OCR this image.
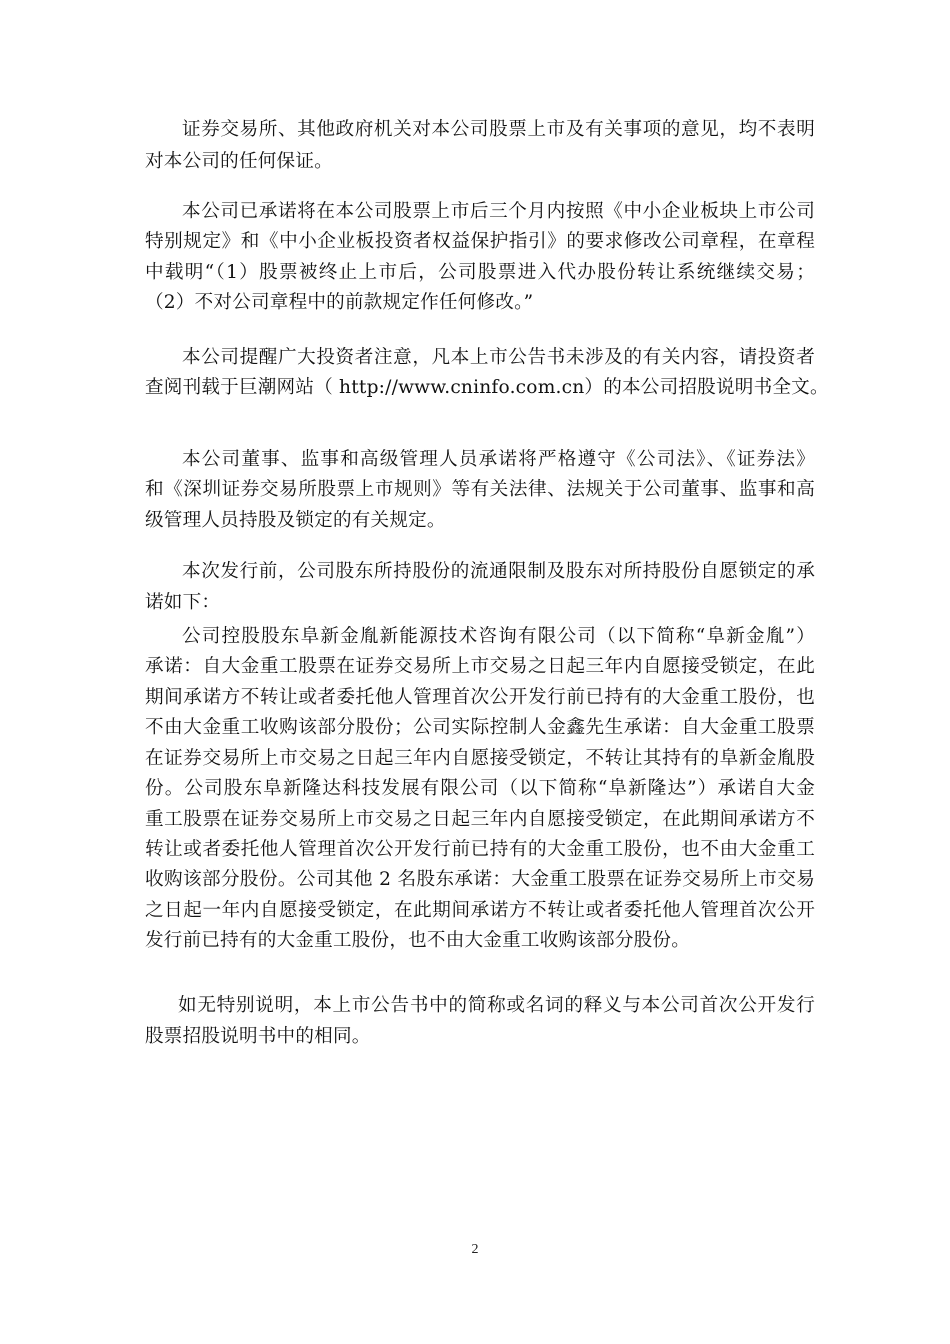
证券交易所、其他政府机关对本公司股票上市及有关事项的意见，均不表明
对本公司的任何保证。
本公司已承诺将在本公司股票上市后三个月内按照《中小企业板块上市公司
特别规定》和《中小企业板投资者权益保护指引》的要求修改公司章程，在章程
中载明“（1）股票被终止上市后，公司股票进入代办股份转让系统继续交易；
（2）不对公司章程中的前款规定作任何修改。”
本公司提醒广大投资者注意，凡本上市公告书未涉及的有关内容，请投资者
查阅刊载于巨潮网站（ http://www.cninfo.com.cn）的本公司招股说明书全文。
本公司董事、监事和高级管理人员承诺将严格遵守《公司法》、《证券法》
和《深圳证券交易所股票上市规则》等有关法律、法规关于公司董事、监事和高
级管理人员持股及锁定的有关规定。
本次发行前，公司股东所持股份的流通限制及股东对所持股份自愿锁定的承
诺如下：
公司控股股东阜新金胤新能源技术咨询有限公司（以下简称“阜新金胤”）
承诺：自大金重工股票在证券交易所上市交易之日起三年内自愿接受锁定，在此
期间承诺方不转让或者委托他人管理首次公开发行前已持有的大金重工股份，也
不由大金重工收购该部分股份；公司实际控制人金鑫先生承诺：自大金重工股票
在证券交易所上市交易之日起三年内自愿接受锁定，不转让其持有的阜新金胤股
份。公司股东阜新隆达科技发展有限公司（以下简称“阜新隆达”）承诺自大金
重工股票在证券交易所上市交易之日起三年内自愿接受锁定，在此期间承诺方不
转让或者委托他人管理首次公开发行前已持有的大金重工股份，也不由大金重工
收购该部分股份。公司其他 2 名股东承诺：大金重工股票在证券交易所上市交易
之日起一年内自愿接受锁定，在此期间承诺方不转让或者委托他人管理首次公开
发行前已持有的大金重工股份，也不由大金重工收购该部分股份。
如无特别说明，本上市公告书中的简称或名词的释义与本公司首次公开发行
股票招股说明书中的相同。
2
